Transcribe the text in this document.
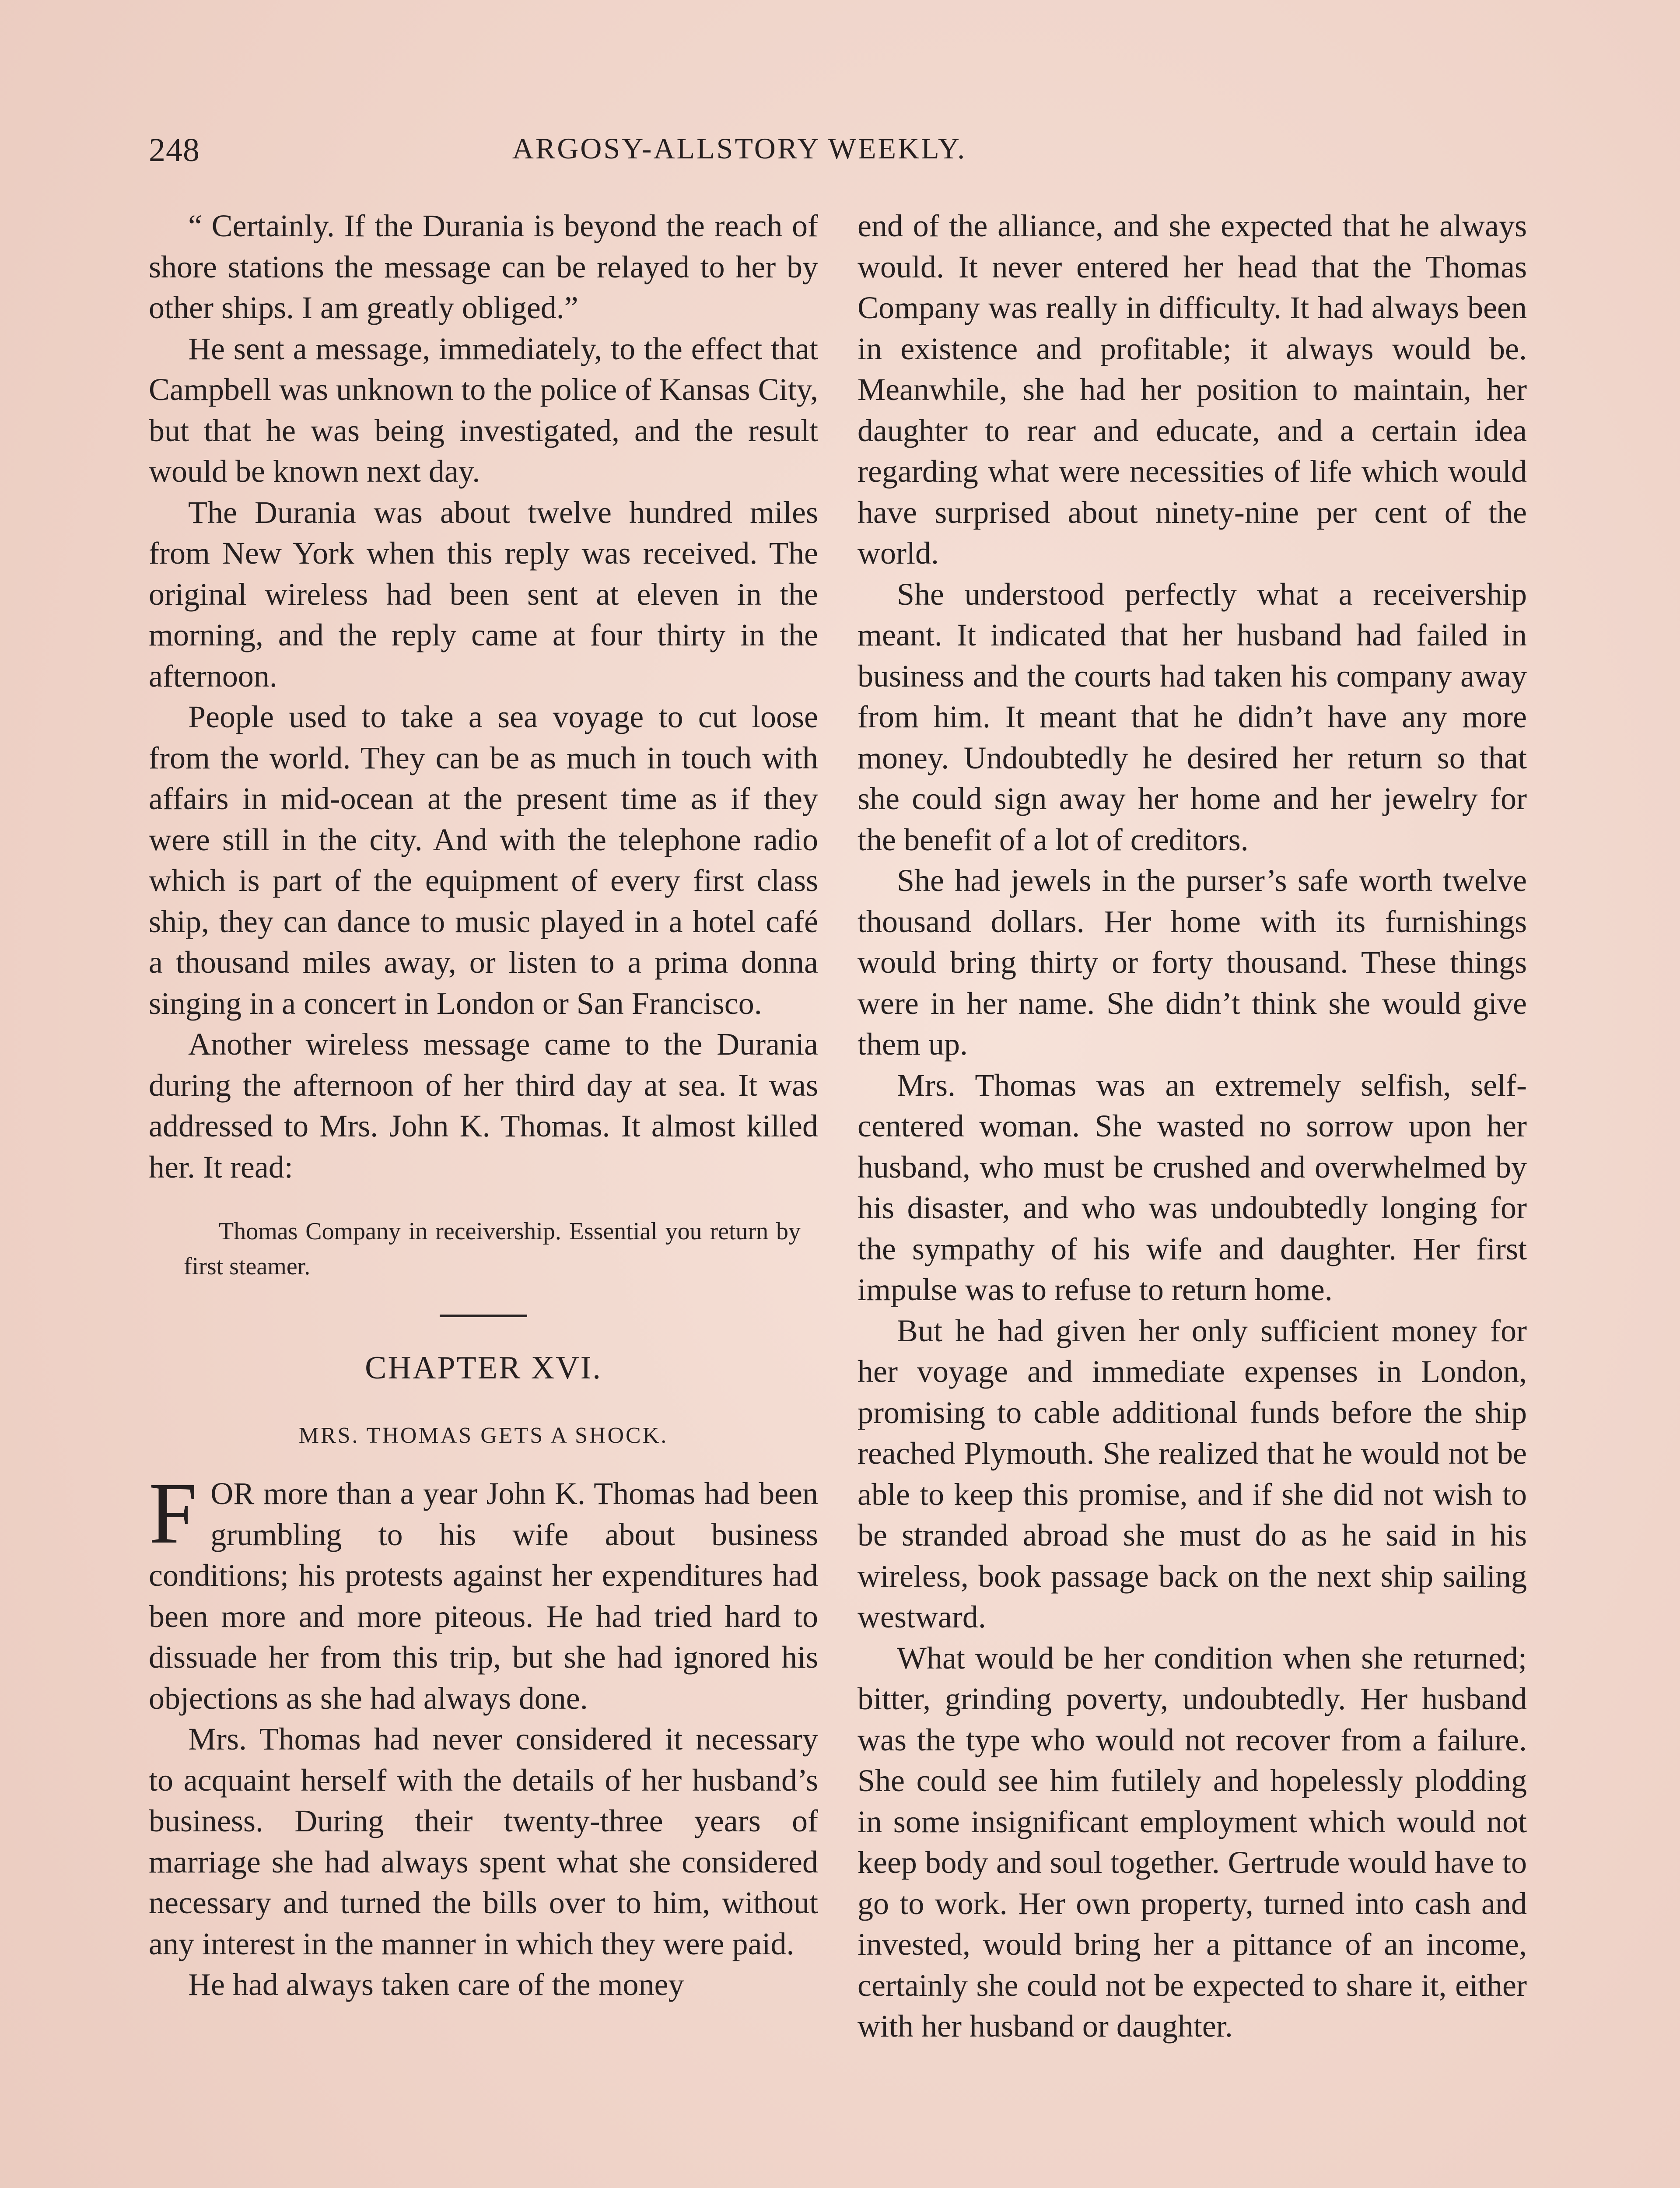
248	ARGOSY-ALLSTORY WEEKLY.

“ Certainly. If the Durania is beyond the reach of shore stations the message can be relayed to her by other ships. I am greatly obliged.”

He sent a message, immediately, to the effect that Campbell was unknown to the police of Kansas City, but that he was being investigated, and the result would be known next day.

The Durania was about twelve hundred miles from New York when this reply was received. The original wireless had been sent at eleven in the morning, and the reply came at four thirty in the afternoon.

People used to take a sea voyage to cut loose from the world. They can be as much in touch with affairs in mid-ocean at the present time as if they were still in the city. And with the telephone radio which is part of the equipment of every first class ship, they can dance to music played in a hotel café a thousand miles away, or listen to a prima donna singing in a concert in London or San Francisco.

Another wireless message came to the Durania during the afternoon of her third day at sea. It was addressed to Mrs. John K. Thomas. It almost killed her. It read:

Thomas Company in receivership. Essential you return by first steamer.

CHAPTER XVI.
MRS. THOMAS GETS A SHOCK.

FOR more than a year John K. Thomas had been grumbling to his wife about business conditions; his protests against her expenditures had been more and more piteous. He had tried hard to dissuade her from this trip, but she had ignored his objections as she had always done.

Mrs. Thomas had never considered it necessary to acquaint herself with the details of her husband’s business. During their twenty-three years of marriage she had always spent what she considered necessary and turned the bills over to him, without any interest in the manner in which they were paid.

He had always taken care of the money

end of the alliance, and she expected that he always would. It never entered her head that the Thomas Company was really in difficulty. It had always been in existence and profitable; it always would be. Meanwhile, she had her position to maintain, her daughter to rear and educate, and a certain idea regarding what were necessities of life which would have surprised about ninety-nine per cent of the world.

She understood perfectly what a receivership meant. It indicated that her husband had failed in business and the courts had taken his company away from him. It meant that he didn’t have any more money. Undoubtedly he desired her return so that she could sign away her home and her jewelry for the benefit of a lot of creditors.

She had jewels in the purser’s safe worth twelve thousand dollars. Her home with its furnishings would bring thirty or forty thousand. These things were in her name. She didn’t think she would give them up.

Mrs. Thomas was an extremely selfish, self-centered woman. She wasted no sorrow upon her husband, who must be crushed and overwhelmed by his disaster, and who was undoubtedly longing for the sympathy of his wife and daughter. Her first impulse was to refuse to return home.

But he had given her only sufficient money for her voyage and immediate expenses in London, promising to cable additional funds before the ship reached Plymouth. She realized that he would not be able to keep this promise, and if she did not wish to be stranded abroad she must do as he said in his wireless, book passage back on the next ship sailing westward.

What would be her condition when she returned; bitter, grinding poverty, undoubtedly. Her husband was the type who would not recover from a failure. She could see him futilely and hopelessly plodding in some insignificant employment which would not keep body and soul together. Gertrude would have to go to work. Her own property, turned into cash and invested, would bring her a pittance of an income, certainly she could not be expected to share it, either with her husband or daughter.
